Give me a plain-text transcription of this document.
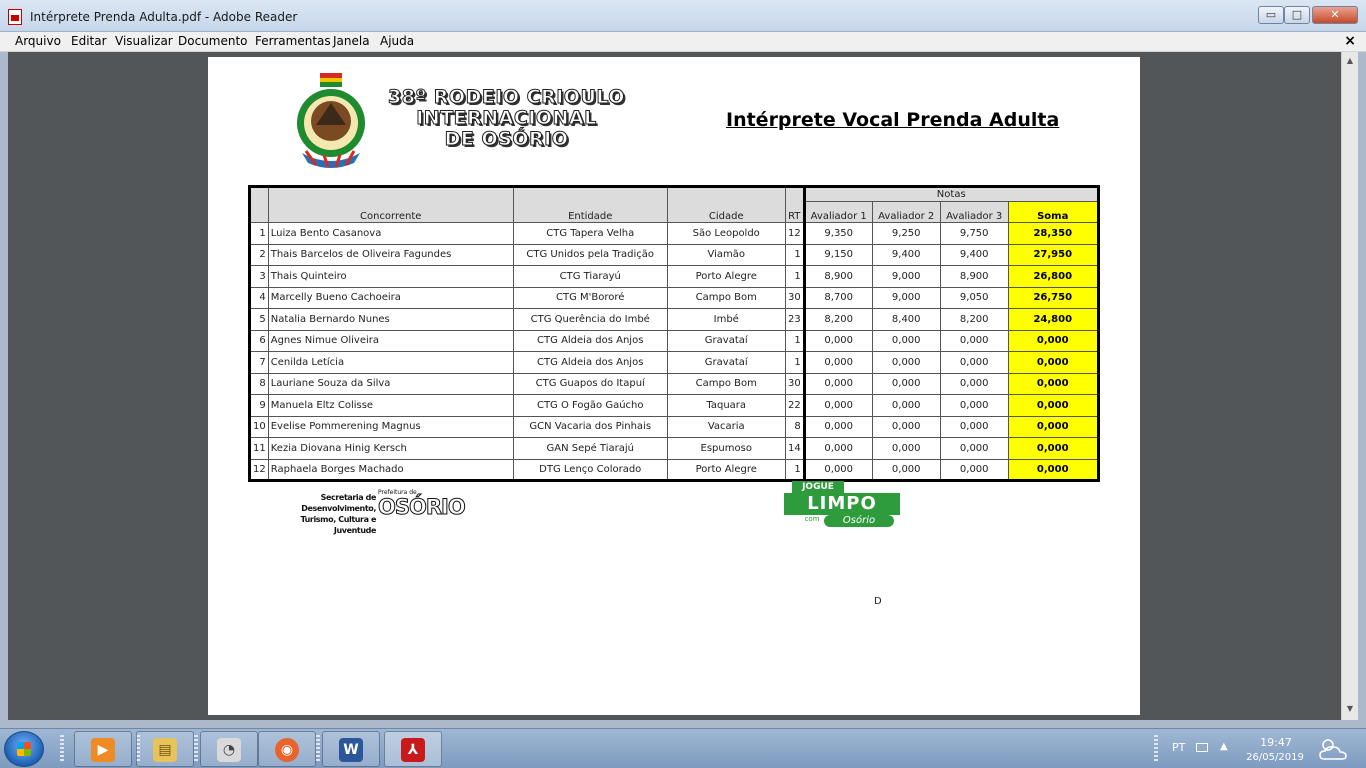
Intérprete Prenda Adulta.pdf - Adobe Reader	▭	□	✕
Arquivo Editar Visualizar Documento Ferramentas Janela Ajuda	×
▲
▼
38º RODEIO CRIOULO
INTERNACIONAL
DE OSÓRIO
Intérprete Vocal Prenda Adulta
	Concorrente	Entidade	Cidade	RT	Notas			
					Avaliador 1	Avaliador 2	Avaliador 3	Soma
1	Luiza Bento Casanova	CTG Tapera Velha	São Leopoldo	12	9,350	9,250	9,750	28,350
2	Thais Barcelos de Oliveira Fagundes	CTG Unidos pela Tradição	Viamão	1	9,150	9,400	9,400	27,950
3	Thais Quinteiro	CTG Tiarayú	Porto Alegre	1	8,900	9,000	8,900	26,800
4	Marcelly Bueno Cachoeira	CTG M'Bororé	Campo Bom	30	8,700	9,000	9,050	26,750
5	Natalia Bernardo Nunes	CTG Querência do Imbé	Imbé	23	8,200	8,400	8,200	24,800
6	Agnes Nimue Oliveira	CTG Aldeia dos Anjos	Gravataí	1	0,000	0,000	0,000	0,000
7	Cenilda Letícia	CTG Aldeia dos Anjos	Gravataí	1	0,000	0,000	0,000	0,000
8	Lauriane Souza da Silva	CTG Guapos do Itapuí	Campo Bom	30	0,000	0,000	0,000	0,000
9	Manuela Eltz Colisse	CTG O Fogão Gaúcho	Taquara	22	0,000	0,000	0,000	0,000
10	Evelise Pommerening Magnus	GCN Vacaria dos Pinhais	Vacaria	8	0,000	0,000	0,000	0,000
11	Kezia Diovana Hinig Kersch	GAN Sepé Tiarajú	Espumoso	14	0,000	0,000	0,000	0,000
12	Raphaela Borges Machado	DTG Lenço Colorado	Porto Alegre	1	0,000	0,000	0,000	0,000
Secretaria de Desenvolvimento,
Turismo, Cultura e Juventude
Prefeitura de
OSÓRIO
JOGUE
LIMPO
com	Osório
D
▶	▤	◔	◉	W	⅄	PT	▲	19:47
26/05/2019
